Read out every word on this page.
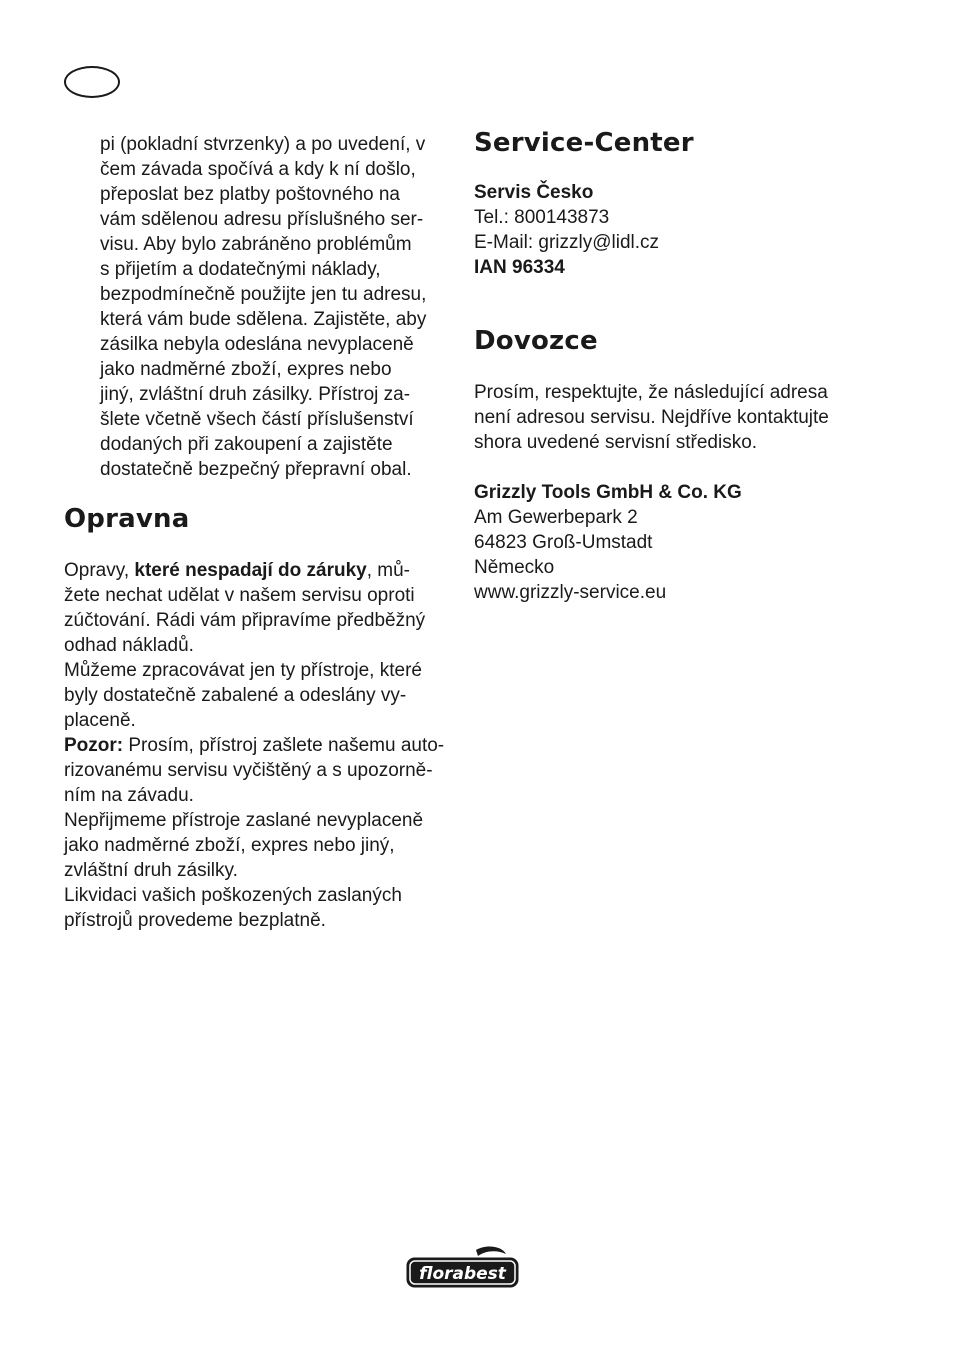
pi (pokladní stvrzenky) a po uvedení, v
čem závada spočívá a kdy k ní došlo,
přeposlat bez platby poštovného na
vám sdělenou adresu příslušného ser-
visu. Aby bylo zabráněno problémům
s přijetím a dodatečnými náklady,
bezpodmínečně použijte jen tu adresu,
která vám bude sdělena. Zajistěte, aby
zásilka nebyla odeslána nevyplaceně
jako nadměrné zboží, expres nebo
jiný, zvláštní druh zásilky. Přístroj za-
šlete včetně všech částí příslušenství
dodaných při zakoupení a zajistěte
dostatečně bezpečný přepravní obal.

Opravna

Opravy, které nespadají do záruky, mů-
žete nechat udělat v našem servisu oproti
zúčtování. Rádi vám připravíme předběžný
odhad nákladů.

Můžeme zpracovávat jen ty přístroje, které
byly dostatečně zabalené a odeslány vy-
placeně.

Pozor: Prosím, přístroj zašlete našemu auto-
rizovanému servisu vyčištěný a s upozorně-
ním na závadu.

Nepřijmeme přístroje zaslané nevyplaceně
jako nadměrné zboží, expres nebo jiný,
zvláštní druh zásilky.

Likvidaci vašich poškozených zaslaných
přístrojů provedeme bezplatně.

Service-Center

Servis Česko

Tel.: 800143873

E-Mail: grizzly@lidl.cz

IAN 96334

Dovozce

Prosím, respektujte, že následující adresa
není adresou servisu. Nejdříve kontaktujte
shora uvedené servisní středisko.

Grizzly Tools GmbH & Co. KG

Am Gewerbepark 2

64823 Groß-Umstadt

Německo

www.grizzly-service.eu

florabest
